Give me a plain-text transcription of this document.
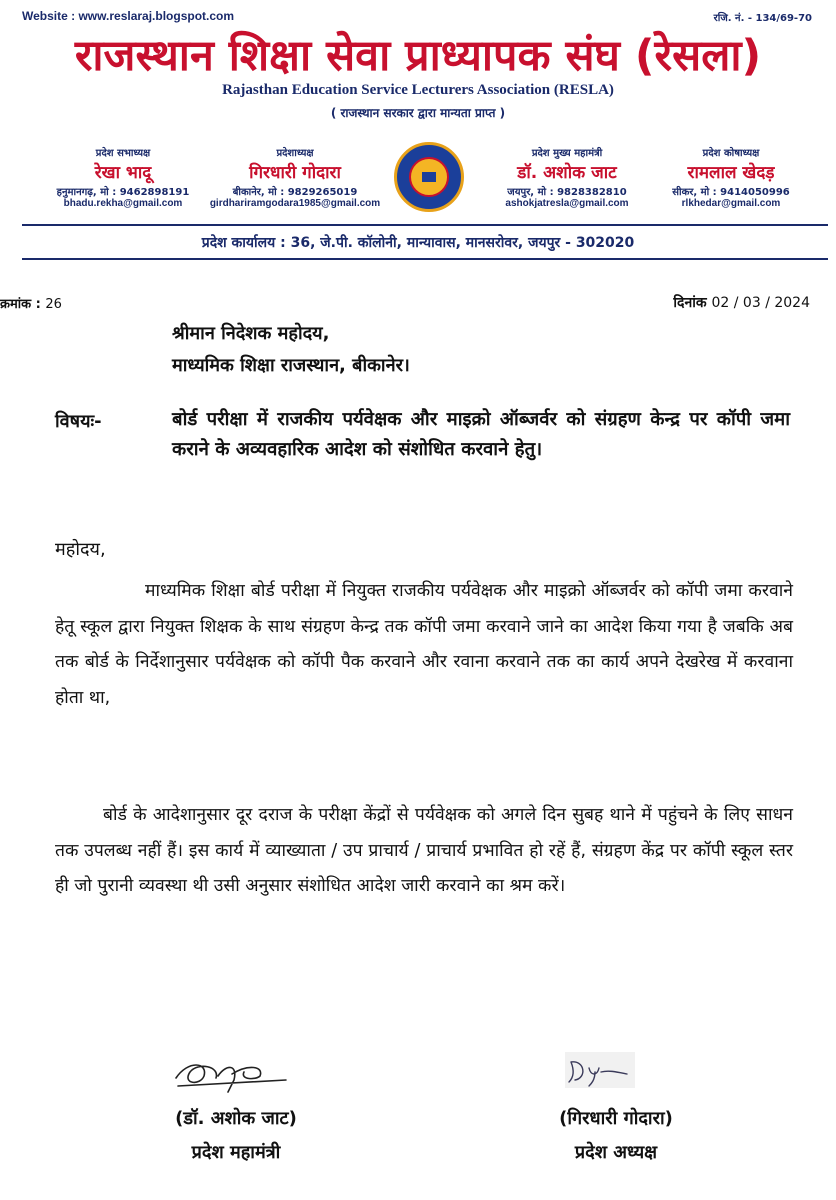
Website : www.reslaraj.blogspot.com	रजि. नं. - 134/69-70
राजस्थान शिक्षा सेवा प्राध्यापक संघ (रेसला)
Rajasthan Education Service Lecturers Association (RESLA)
( राजस्थान सरकार द्वारा मान्यता प्राप्त )
प्रदेश सभाध्यक्ष
रेखा भादू
हनुमानगढ़, मो : 9462898191
bhadu.rekha@gmail.com
प्रदेशाध्यक्ष
गिरधारी गोदारा
बीकानेर, मो : 9829265019
girdhariramgodara1985@gmail.com
प्रदेश मुख्य महामंत्री
डॉ. अशोक जाट
जयपुर, मो : 9828382810
ashokjatresla@gmail.com
प्रदेश कोषाध्यक्ष
रामलाल खेदड़
सीकर, मो : 9414050996
rlkhedar@gmail.com
प्रदेश कार्यालय : 36, जे.पी. कॉलोनी, मान्यावास, मानसरोवर, जयपुर - 302020
क्रमांक : 26	दिनांक 02 / 03 / 2024
श्रीमान निदेशक महोदय,
माध्यमिक शिक्षा राजस्थान, बीकानेर।
विषयः-	बोर्ड परीक्षा में राजकीय पर्यवेक्षक और माइक्रो ऑब्जर्वर को संग्रहण केन्द्र पर कॉपी जमा कराने के अव्यवहारिक आदेश को संशोधित करवाने हेतु।
महोदय,
माध्यमिक शिक्षा बोर्ड परीक्षा में नियुक्त राजकीय पर्यवेक्षक और माइक्रो ऑब्जर्वर को कॉपी जमा करवाने हेतू स्कूल द्वारा नियुक्त शिक्षक के साथ संग्रहण केन्द्र तक कॉपी जमा करवाने जाने का आदेश किया गया है जबकि अब तक बोर्ड के निर्देशानुसार पर्यवेक्षक को कॉपी पैक करवाने और रवाना करवाने तक का कार्य अपने देखरेख में करवाना होता था,
बोर्ड के आदेशानुसार दूर दराज के परीक्षा केंद्रों से पर्यवेक्षक को अगले दिन सुबह थाने में पहुंचने के लिए साधन तक उपलब्ध नहीं हैं। इस कार्य में व्याख्याता / उप प्राचार्य / प्राचार्य प्रभावित हो रहें हैं, संग्रहण केंद्र पर कॉपी स्कूल स्तर ही जो पुरानी व्यवस्था थी उसी अनुसार संशोधित आदेश जारी करवाने का श्रम करें।
(डॉ. अशोक जाट)
प्रदेश महामंत्री
(गिरधारी गोदारा)
प्रदेश अध्यक्ष
